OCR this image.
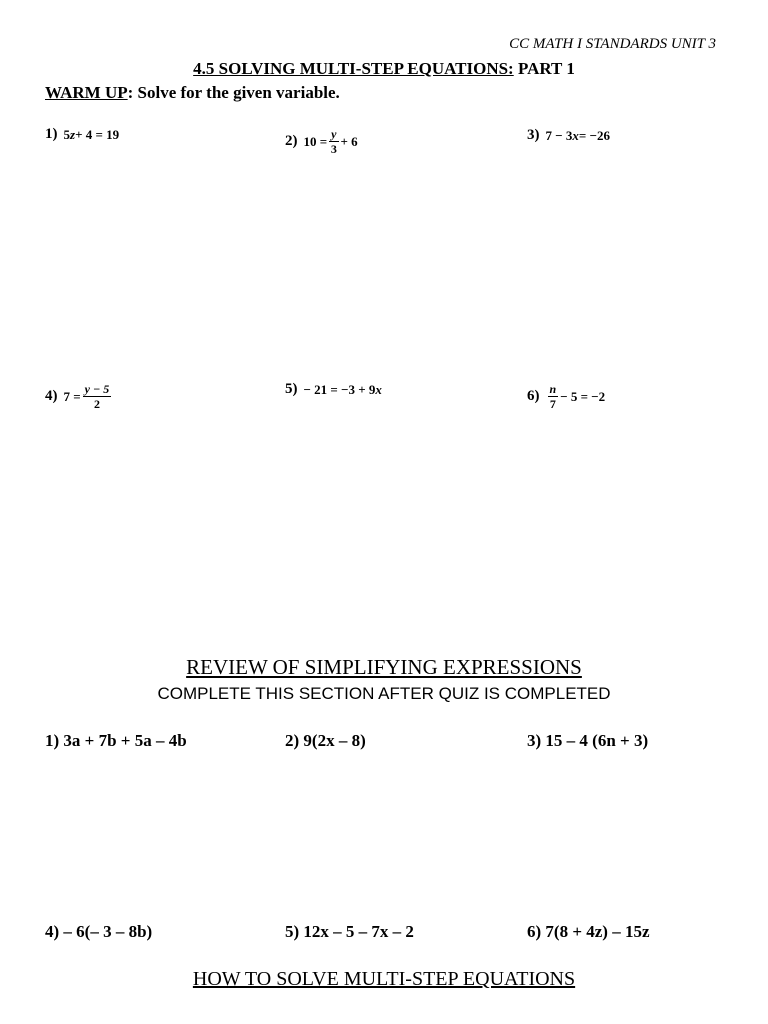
CC MATH I STANDARDS UNIT 3
4.5 SOLVING MULTI-STEP EQUATIONS: PART 1
WARM UP: Solve for the given variable.
1) 5 z + 4 = 19	2) $10 = \frac{y}{3} + 6$	3) 7 − 3 x = −26
4) $7 = \frac{y - 5}{2}$	5) − 21 = −3 + 9 x	$6) \frac{n}{7} - 5 = -2$
REVIEW OF SIMPLIFYING EXPRESSIONS
COMPLETE THIS SECTION AFTER QUIZ IS COMPLETED
1) 3a + 7b + 5a – 4b	2) 9(2x – 8)	3) 15 – 4 (6n + 3)
4) – 6(– 3 – 8b)	5) 12x – 5 – 7x – 2	6) 7(8 + 4z) – 15z
HOW TO SOLVE MULTI-STEP EQUATIONS
